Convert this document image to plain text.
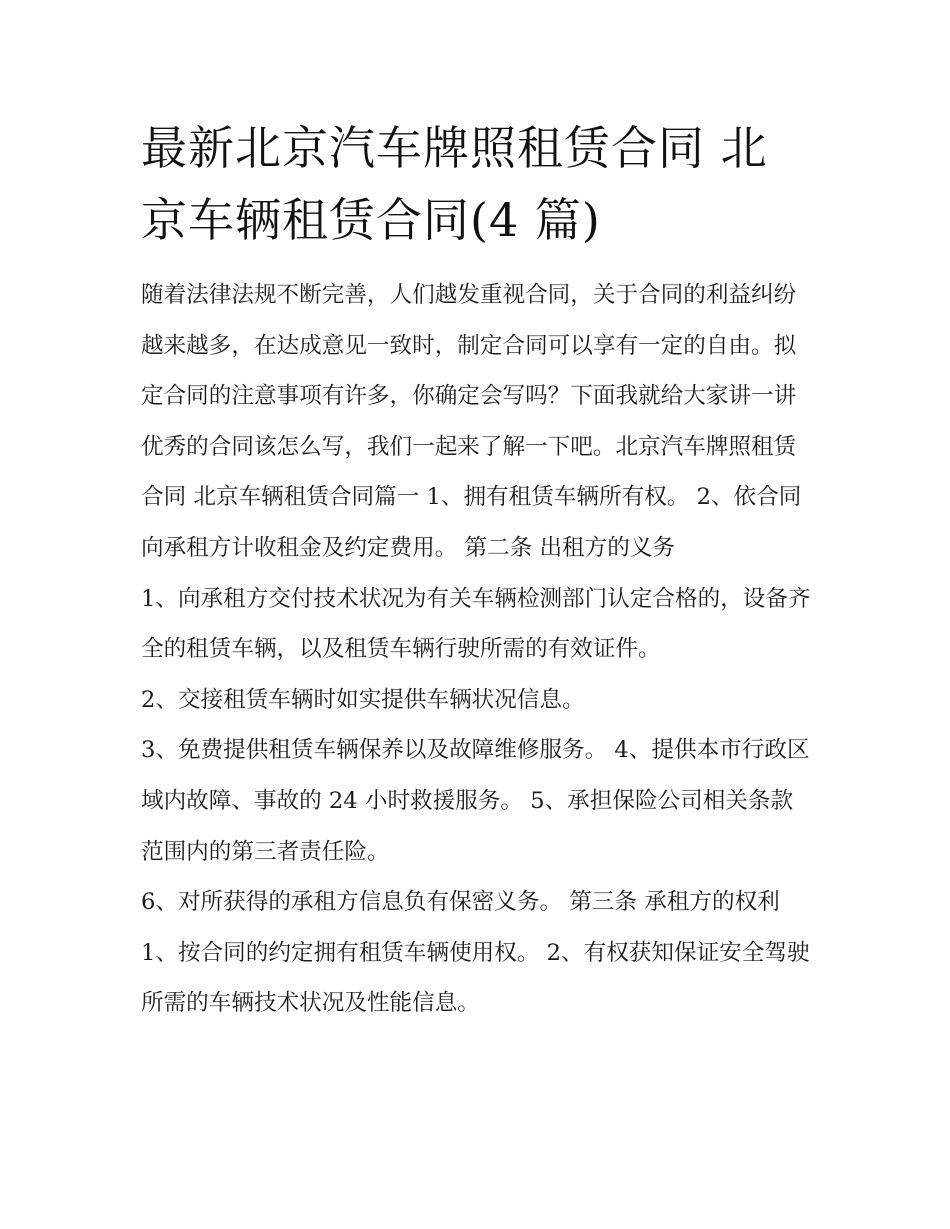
最新北京汽车牌照租赁合同 北京车辆租赁合同(4 篇)

随着法律法规不断完善，人们越发重视合同，关于合同的利益纠纷越来越多，在达成意见一致时，制定合同可以享有一定的自由。拟定合同的注意事项有许多，你确定会写吗？下面我就给大家讲一讲优秀的合同该怎么写，我们一起来了解一下吧。北京汽车牌照租赁合同 北京车辆租赁合同篇一 1、拥有租赁车辆所有权。 2、依合同向承租方计收租金及约定费用。 第二条 出租方的义务

1、向承租方交付技术状况为有关车辆检测部门认定合格的，设备齐全的租赁车辆，以及租赁车辆行驶所需的有效证件。

2、交接租赁车辆时如实提供车辆状况信息。

3、免费提供租赁车辆保养以及故障维修服务。 4、提供本市行政区域内故障、事故的 24 小时救援服务。 5、承担保险公司相关条款范围内的第三者责任险。

6、对所获得的承租方信息负有保密义务。 第三条 承租方的权利 1、按合同的约定拥有租赁车辆使用权。 2、有权获知保证安全驾驶所需的车辆技术状况及性能信息。
